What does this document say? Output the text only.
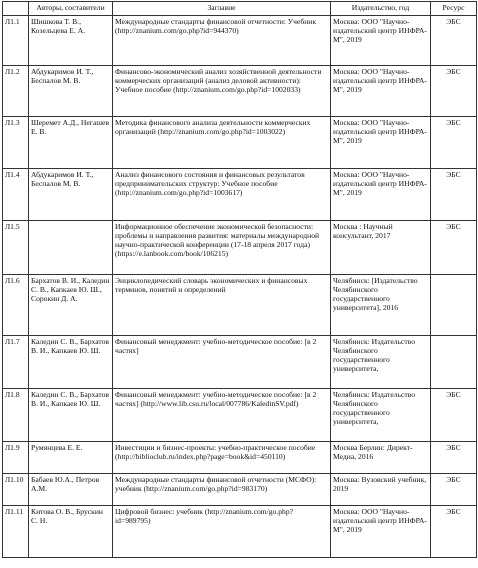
	Авторы, составители	Заглавие	Издательство, год	Ресурс
Л1.1	Шишкова Т. В., Козельцева Е. А.	Международные стандарты финансовой отчетности: Учебник (http://znanium.com/go.php?id=944370)	Москва: ООО "Научно-издательский центр ИНФРА-М", 2019	ЭБС
Л1.2	Абдукаримов И. Т., Беспалов М. В.	Финансово-экономический анализ хозяйственной деятельности коммерческих организаций (анализ деловой активности): Учебное пособие (http://znanium.com/go.php?id=1002033)	Москва: ООО "Научно-издательский центр ИНФРА-М", 2019	ЭБС
Л1.3	Шеремет А.Д., Негашев Е. В.	Методика финансового анализа деятельности коммерческих организаций (http://znanium.com/go.php?id=1003022)	Москва: ООО "Научно-издательский центр ИНФРА-М", 2019	ЭБС
Л1.4	Абдукаримов И. Т., Беспалов М. В.	Анализ финансового состояния и финансовых результатов предпринимательских структур: Учебное пособие (http://znanium.com/go.php?id=1003617)	Москва: ООО "Научно-издательский центр ИНФРА-М", 2019	ЭБС
Л1.5		Информационное обеспечение экономической безопасности: проблемы и направления развития: материалы международной научно-практической конференции (17-18 апреля 2017 года) (https://e.lanbook.com/book/106215)	Москва : Научный консультант, 2017	ЭБС
Л1.6	Бархатов В. И., Каледин С. В., Капкаев Ю. Ш., Сорокин Д. А.	Энциклопедический словарь экономических и финансовых терминов, понятий и определений	Челябинск: [Издательство Челябинского государственного университета], 2016	
Л1.7	Каледин С. В., Бархатов В. И., Капкаев Ю. Ш.	Финансовый менеджмент: учебно-методическое пособие: [в 2 частях]	Челябинск: Издательство Челябинского государственного университета,	
Л1.8	Каледин С. В., Бархатов В. И., Капкаев Ю. Ш.	Финансовый менеджмент: учебно-методическое пособие: [в 2 частях] (http://www.lib.csu.ru/local/007786/KaledinSV.pdf)	Челябинск: Издательство Челябинского государственного университета,	ЭБС
Л1.9	Румянцева Е. Е.	Инвестиции и бизнес-проекты: учебно-практическое пособие (http://biblioclub.ru/index.php?page=book&id=450110)	Москва Берлин: Директ-Медиа, 2016	ЭБС
Л1.10	Бабаев Ю.А., Петров А.М.	Международные стандарты финансовой отчетности (МСФО): учебник (http://znanium.com/go.php?id=983170)	Москва: Вузовский учебник, 2019	ЭБС
Л1.11	Китова О. В., Брускин С. Н.	Цифровой бизнес: учебник (http://znanium.com/go.php?id=989795)	Москва: ООО "Научно-издательский центр ИНФРА-М", 2019	ЭБС
